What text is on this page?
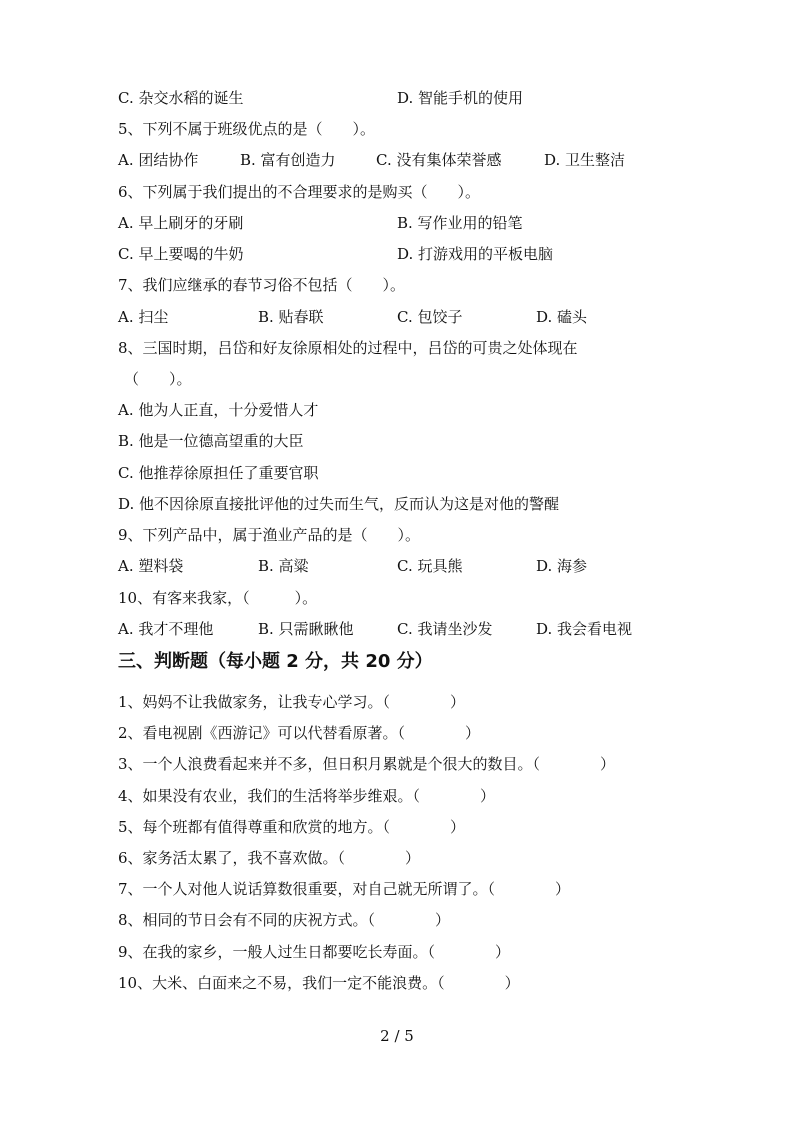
C. 杂交水稻的诞生	D. 智能手机的使用
5、下列不属于班级优点的是（　　）。
A. 团结协作	B. 富有创造力	C. 没有集体荣誉感	D. 卫生整洁
6、下列属于我们提出的不合理要求的是购买（　　）。
A. 早上刷牙的牙刷	B. 写作业用的铅笔
C. 早上要喝的牛奶	D. 打游戏用的平板电脑
7、我们应继承的春节习俗不包括（　　）。
A. 扫尘	B. 贴春联	C. 包饺子	D. 磕头
8、三国时期，吕岱和好友徐原相处的过程中，吕岱的可贵之处体现在
（　　）。
A. 他为人正直，十分爱惜人才
B. 他是一位德高望重的大臣
C. 他推荐徐原担任了重要官职
D. 他不因徐原直接批评他的过失而生气，反而认为这是对他的警醒
9、下列产品中，属于渔业产品的是（　　）。
A. 塑料袋	B. 高粱	C. 玩具熊	D. 海参
10、有客来我家，（　　　）。
A. 我才不理他	B. 只需瞅瞅他	C. 我请坐沙发	D. 我会看电视
三、判断题（每小题 2 分，共 20 分）
1、妈妈不让我做家务，让我专心学习。（　　　　）
2、看电视剧《西游记》可以代替看原著。（　　　　）
3、一个人浪费看起来并不多，但日积月累就是个很大的数目。（　　　　）
4、如果没有农业，我们的生活将举步维艰。（　　　　）
5、每个班都有值得尊重和欣赏的地方。（　　　　）
6、家务活太累了，我不喜欢做。（　　　　）
7、一个人对他人说话算数很重要，对自己就无所谓了。（　　　　）
8、相同的节日会有不同的庆祝方式。（　　　　）
9、在我的家乡，一般人过生日都要吃长寿面。（　　　　）
10、大米、白面来之不易，我们一定不能浪费。（　　　　）
2 / 5
